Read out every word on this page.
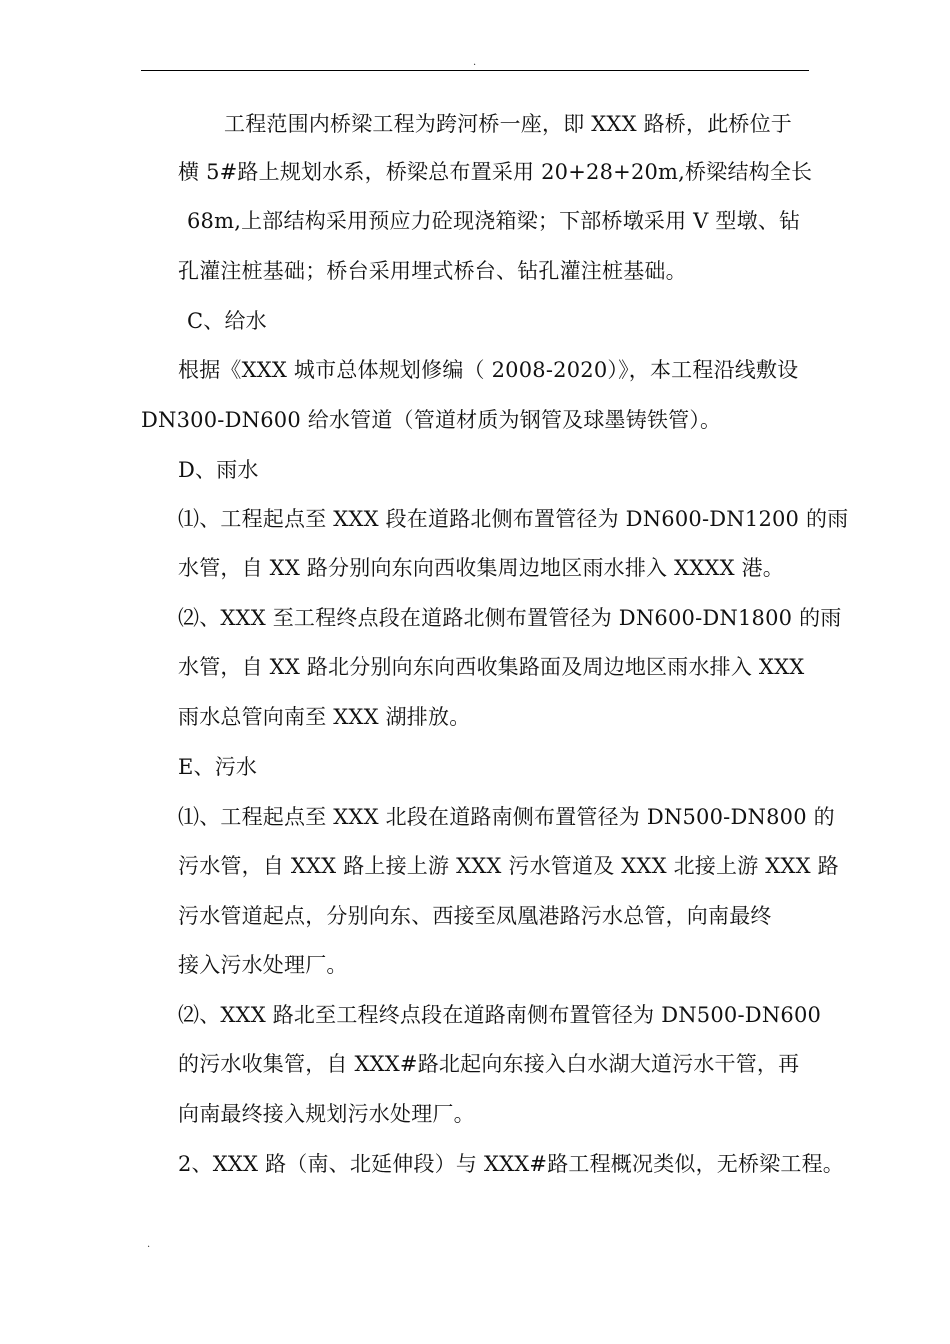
.
工程范围内桥梁工程为跨河桥一座，即 XXX 路桥，此桥位于
横 5#路上规划水系，桥梁总布置采用 20+28+20m,桥梁结构全长
68m,上部结构采用预应力砼现浇箱梁；下部桥墩采用 V 型墩、钻
孔灌注桩基础；桥台采用埋式桥台、钻孔灌注桩基础。
C、给水
根据《XXX 城市总体规划修编（ 2008-2020）》，本工程沿线敷设
DN300-DN600 给水管道（管道材质为钢管及球墨铸铁管）。
D、雨水
⑴、工程起点至 XXX 段在道路北侧布置管径为 DN600-DN1200 的雨
水管，自 XX 路分别向东向西收集周边地区雨水排入 XXXX 港。
⑵、XXX 至工程终点段在道路北侧布置管径为 DN600-DN1800 的雨
水管，自 XX 路北分别向东向西收集路面及周边地区雨水排入 XXX
雨水总管向南至 XXX 湖排放。
E、污水
⑴、工程起点至 XXX 北段在道路南侧布置管径为 DN500-DN800 的
污水管，自 XXX 路上接上游 XXX 污水管道及 XXX 北接上游 XXX 路
污水管道起点，分别向东、西接至凤凰港路污水总管，向南最终
接入污水处理厂。
⑵、XXX 路北至工程终点段在道路南侧布置管径为 DN500-DN600
的污水收集管，自 XXX#路北起向东接入白水湖大道污水干管，再
向南最终接入规划污水处理厂。
2、XXX 路（南、北延伸段）与 XXX#路工程概况类似，无桥梁工程。
.
